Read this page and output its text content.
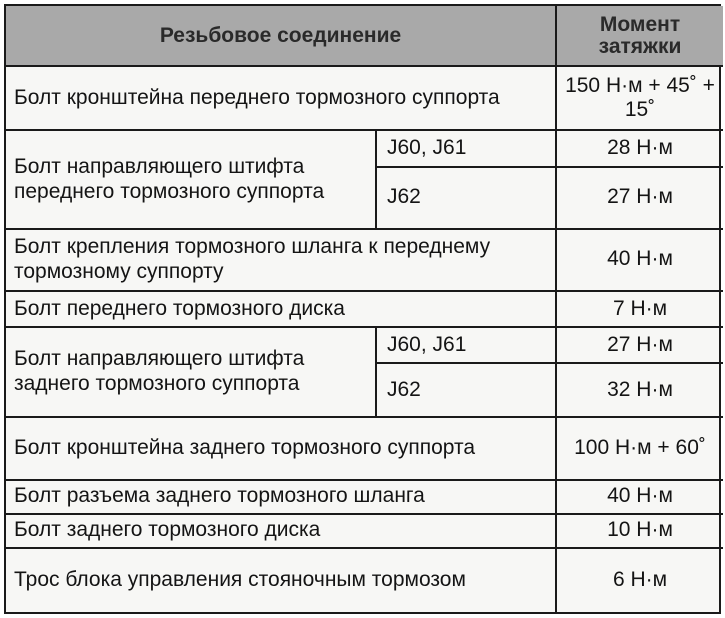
Резьбовое соединение		Момент
затяжки
Болт кронштейна переднего тормозного суппорта		150 Н·м + 45˚ + 15˚
Болт направляющего штифта переднего тормозного суппорта	J60, J61	28 Н·м
	J62	27 Н·м
Болт крепления тормозного шланга к переднему тормозному суппорту		40 Н·м
Болт переднего тормозного диска		7 Н·м
Болт направляющего штифта заднего тормозного суппорта	J60, J61	27 Н·м
	J62	32 Н·м
Болт кронштейна заднего тормозного суппорта		100 Н·м + 60˚
Болт разъема заднего тормозного шланга		40 Н·м
Болт заднего тормозного диска		10 Н·м
Трос блока управления стояночным тормозом		6 Н·м
